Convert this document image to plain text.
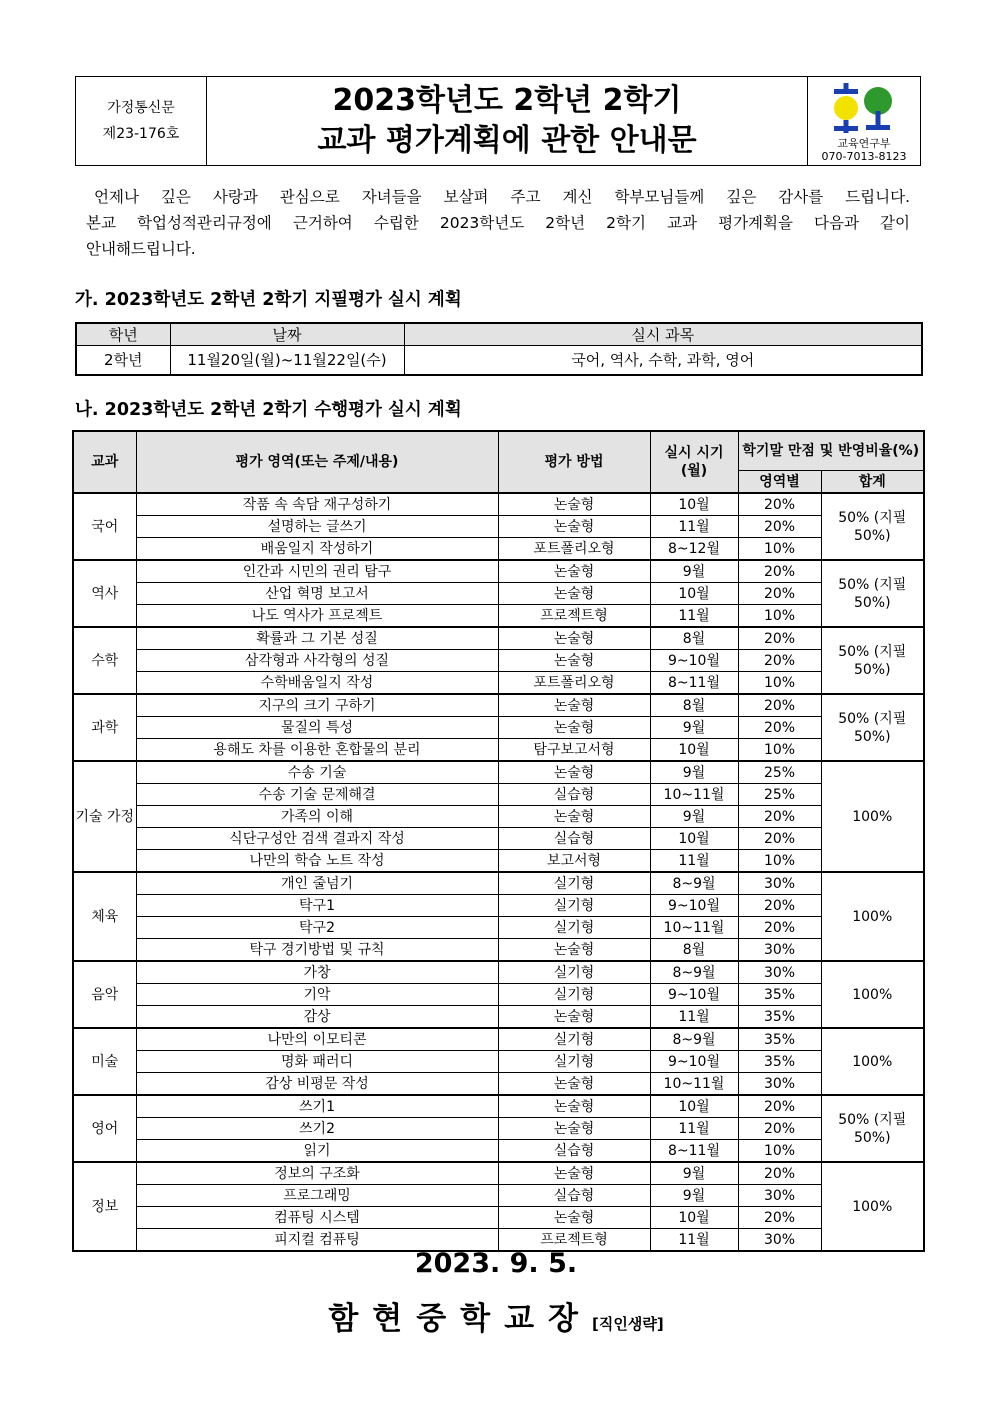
가정통신문
제23-176호
2023학년도 2학년 2학기
교과 평가계획에 관한 안내문	교육연구부
070-7013-8123

언제나 깊은 사랑과 관심으로 자녀들을 보살펴 주고 계신 학부모님들께 깊은 감사를 드립니다.

본교 학업성적관리규정에 근거하여 수립한 2023학년도 2학년 2학기 교과 평가계획을 다음과 같이

안내해드립니다.

가. 2023학년도 2학년 2학기 지필평가 실시 계획
학년	날짜	실시 과목
2학년	11월20일(월)~11월22일(수)	국어, 역사, 수학, 과학, 영어
나. 2023학년도 2학년 2학기 수행평가 실시 계획
교과	평가 영역(또는 주제/내용)	평가 방법	실시 시기 (월)	학기말 만점 및 반영비율(%)	
				영역별	합계
국어	작품 속 속담 재구성하기	논술형	10월	20%	50% (지필 50%)
	설명하는 글쓰기	논술형	11월	20%	
	배움일지 작성하기	포트폴리오형	8~12월	10%	
역사	인간과 시민의 권리 탐구	논술형	9월	20%	50% (지필 50%)
	산업 혁명 보고서	논술형	10월	20%	
	나도 역사가 프로젝트	프로젝트형	11월	10%	
수학	확률과 그 기본 성질	논술형	8월	20%	50% (지필 50%)
	삼각형과 사각형의 성질	논술형	9~10월	20%	
	수학배움일지 작성	포트폴리오형	8~11월	10%	
과학	지구의 크기 구하기	논술형	8월	20%	50% (지필 50%)
	물질의 특성	논술형	9월	20%	
	용해도 차를 이용한 혼합물의 분리	탐구보고서형	10월	10%	
기술 가정	수송 기술	논술형	9월	25%	100%
	수송 기술 문제해결	실습형	10~11월	25%	
	가족의 이해	논술형	9월	20%	
	식단구성안 검색 결과지 작성	실습형	10월	20%	
	나만의 학습 노트 작성	보고서형	11월	10%	
체육	개인 줄넘기	실기형	8~9월	30%	100%
	탁구1	실기형	9~10월	20%	
	탁구2	실기형	10~11월	20%	
	탁구 경기방법 및 규칙	논술형	8월	30%	
음악	가창	실기형	8~9월	30%	100%
	기악	실기형	9~10월	35%	
	감상	논술형	11월	35%	
미술	나만의 이모티콘	실기형	8~9월	35%	100%
	명화 패러디	실기형	9~10월	35%	
	감상 비평문 작성	논술형	10~11월	30%	
영어	쓰기1	논술형	10월	20%	50% (지필 50%)
	쓰기2	논술형	11월	20%	
	읽기	실습형	8~11월	10%	
정보	정보의 구조화	논술형	9월	20%	100%
	프로그래밍	실습형	9월	30%	
	컴퓨팅 시스템	논술형	10월	20%	
	피지컬 컴퓨팅	프로젝트형	11월	30%	
2023. 9. 5.
함현중학교장[직인생략]
